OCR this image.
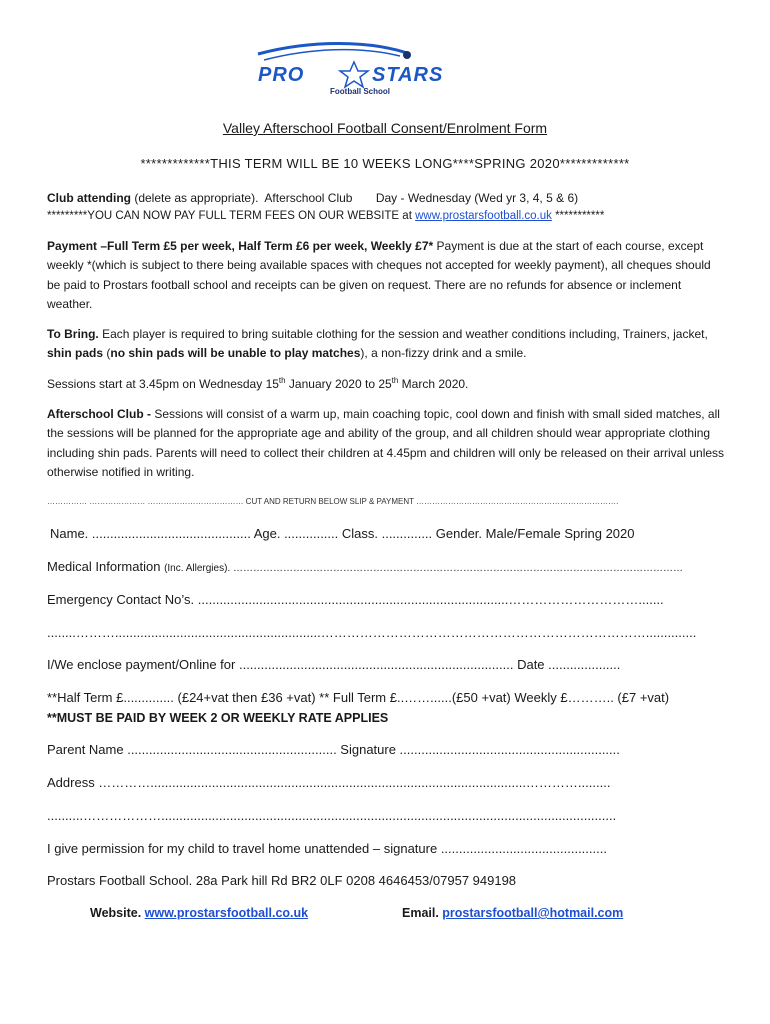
PRO	STARS
Football School
Valley Afterschool Football Consent/Enrolment Form
*************THIS TERM WILL BE 10 WEEKS LONG****SPRING 2020*************
Club attending (delete as appropriate). Afterschool Club Day - Wednesday (Wed yr 3, 4, 5 & 6)
*********YOU CAN NOW PAY FULL TERM FEES ON OUR WEBSITE at www.prostarsfootball.co.uk ***********
Payment –Full Term £5 per week, Half Term £6 per week, Weekly £7* Payment is due at the start of each course, except weekly *(which is subject to there being available spaces with cheques not accepted for weekly payment), all cheques should be paid to Prostars football school and receipts can be given on request. There are no refunds for absence or inclement weather.
To Bring. Each player is required to bring suitable clothing for the session and weather conditions including, Trainers, jacket, shin pads (no shin pads will be unable to play matches), a non-fizzy drink and a smile.
Sessions start at 3.45pm on Wednesday 15th January 2020 to 25th March 2020.
Afterschool Club - Sessions will consist of a warm up, main coaching topic, cool down and finish with small sided matches, all the sessions will be planned for the appropriate age and ability of the group, and all children should wear appropriate clothing including shin pads. Parents will need to collect their children at 4.45pm and children will only be released on their arrival unless otherwise notified in writing.
…………… ………………… ……………………………… CUT AND RETURN BELOW SLIP & PAYMENT ………………………………………………………………….
Name. ............................................ Age. ............... Class. .............. Gender. Male/Female Spring 2020
Medical Information (Inc. Allergies). ………………………………………………………………………………………………………………………
Emergency Contact No’s. ......................................................................................………………………….......
........……….........................................................…………………………………………………………………..............
I/We enclose payment/Online for ............................................................................ Date ....................
**Half Term £.............. (£24+vat then £36 +vat) ** Full Term £..……......(£50 +vat) Weekly £……….. (£7 +vat)
**MUST BE PAID BY WEEK 2 OR WEEKLY RATE APPLIES
Parent Name .......................................................... Signature .............................................................
Address …………........................................................................................................………….........
..........………………..............................................................................................................................
I give permission for my child to travel home unattended – signature ..............................................
Prostars Football School. 28a Park hill Rd BR2 0LF 0208 4646453/07957 949198
Website. www.prostarsfootball.co.uk	Email. prostarsfootball@hotmail.com
